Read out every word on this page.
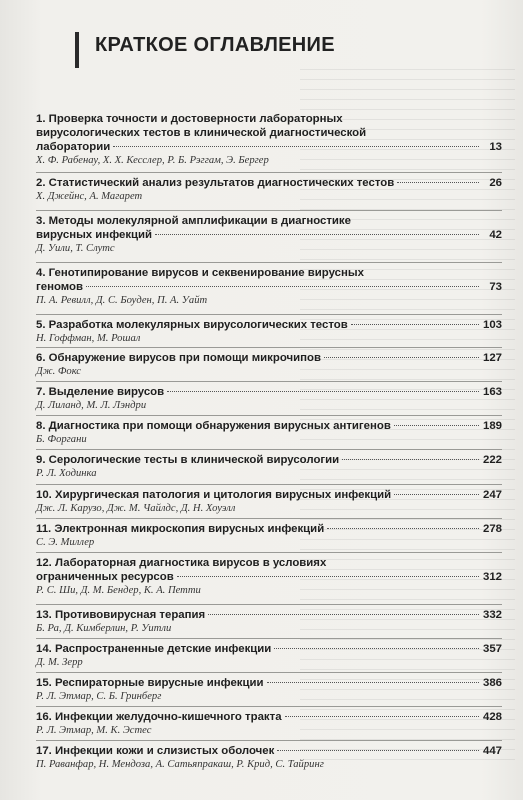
КРАТКОЕ ОГЛАВЛЕНИЕ
1. Проверка точности и достоверности лабораторных
вирусологических тестов в клинической диагностической
лаборатории	13
Х. Ф. Рабенау, Х. Х. Кесслер, Р. Б. Рэггам, Э. Бергер
2. Статистический анализ результатов диагностических тестов	26
Х. Джейнс, А. Магарет
3. Методы молекулярной амплификации в диагностике
вирусных инфекций	42
Д. Уили, Т. Слутс
4. Генотипирование вирусов и секвенирование вирусных
геномов	73
П. А. Ревилл, Д. С. Боуден, П. А. Уайт
5. Разработка молекулярных вирусологических тестов	103
Н. Гоффман, М. Рошал
6. Обнаружение вирусов при помощи микрочипов	127
Дж. Фокс
7. Выделение вирусов	163
Д. Лиланд, М. Л. Лэндри
8. Диагностика при помощи обнаружения вирусных антигенов	189
Б. Форгани
9. Серологические тесты в клинической вирусологии	222
Р. Л. Ходинка
10. Хирургическая патология и цитология вирусных инфекций	247
Дж. Л. Карузо, Дж. М. Чайлдс, Д. Н. Хоуэлл
11. Электронная микроскопия вирусных инфекций	278
С. Э. Миллер
12. Лабораторная диагностика вирусов в условиях
ограниченных ресурсов	312
Р. С. Ши, Д. М. Бендер, К. А. Петти
13. Противовирусная терапия	332
Б. Ра, Д. Кимберлин, Р. Уитли
14. Распространенные детские инфекции	357
Д. М. Зерр
15. Респираторные вирусные инфекции	386
Р. Л. Этмар, С. Б. Гринберг
16. Инфекции желудочно-кишечного тракта	428
Р. Л. Этмар, М. К. Эстес
17. Инфекции кожи и слизистых оболочек	447
П. Раванфар, Н. Мендоза, А. Сатьяпракаш, Р. Крид, С. Тайринг
